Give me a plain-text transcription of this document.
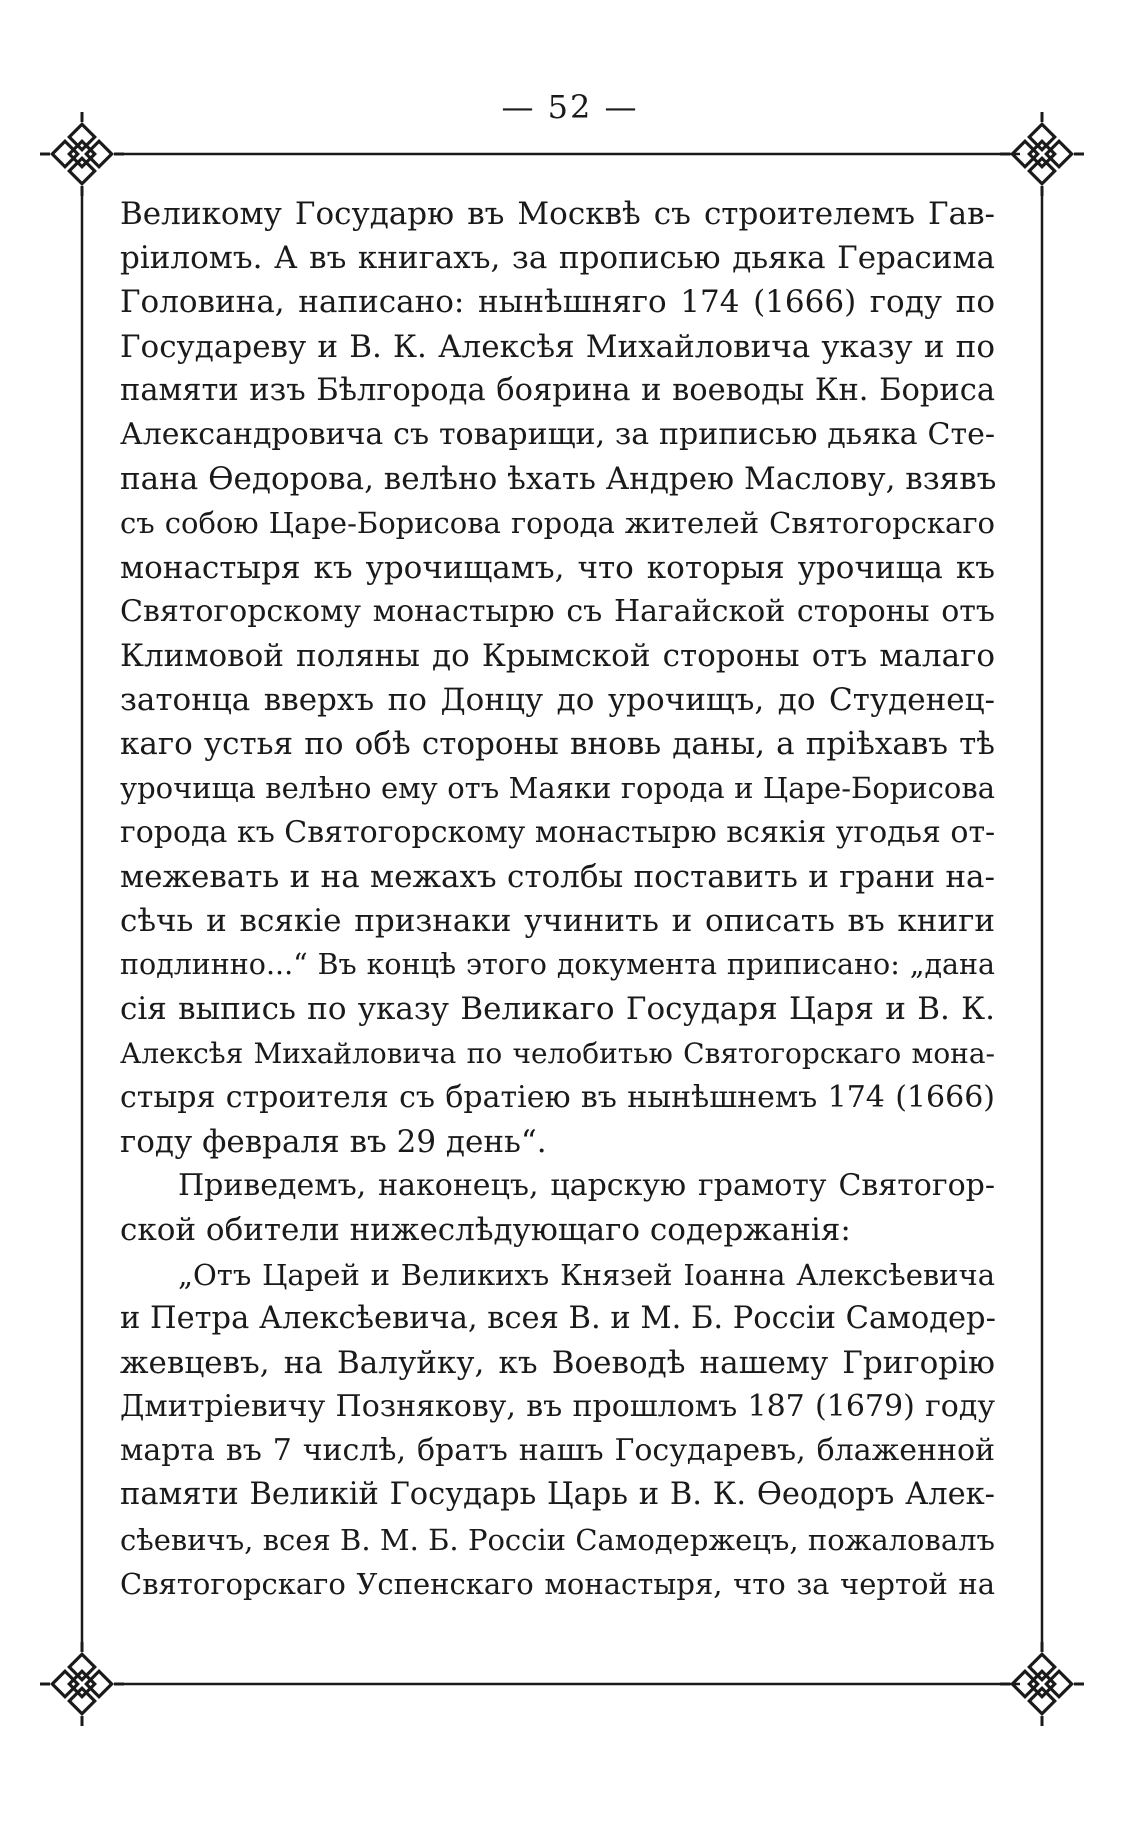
— 52 —
Великому Государю въ Москвѣ съ строителемъ Гав-
ріиломъ. А въ книгахъ, за прописью дьяка Герасима
Головина, написано: нынѣшняго 174 (1666) году по
Государеву и В. К. Алексѣя Михайловича указу и по
памяти изъ Бѣлгорода боярина и воеводы Кн. Бориса
Александровича съ товарищи, за приписью дьяка Сте-
пана Өедорова, велѣно ѣхать Андрею Маслову, взявъ
съ собою Царе-Борисова города жителей Святогорскаго
монастыря къ урочищамъ, что которыя урочища къ
Святогорскому монастырю съ Нагайской стороны отъ
Климовой поляны до Крымской стороны отъ малаго
затонца вверхъ по Донцу до урочищъ, до Студенец-
каго устья по обѣ стороны вновь даны, а пріѣхавъ тѣ
урочища велѣно ему отъ Маяки города и Царе-Борисова
города къ Святогорскому монастырю всякія угодья от-
межевать и на межахъ столбы поставить и грани на-
сѣчь и всякіе признаки учинить и описать въ книги
подлинно...“ Въ концѣ этого документа приписано: „дана
сія выпись по указу Великаго Государя Царя и В. К.
Алексѣя Михайловича по челобитью Святогорскаго мона-
стыря строителя съ братіею въ нынѣшнемъ 174 (1666)
году февраля въ 29 день“.
Приведемъ, наконецъ, царскую грамоту Святогор-
ской обители нижеслѣдующаго содержанія:
„Отъ Царей и Великихъ Князей Іоанна Алексѣевича
и Петра Алексѣевича, всея В. и М. Б. Россіи Самодер-
жевцевъ, на Валуйку, къ Воеводѣ нашему Григорію
Дмитріевичу Познякову, въ прошломъ 187 (1679) году
марта въ 7 числѣ, братъ нашъ Государевъ, блаженной
памяти Великій Государь Царь и В. К. Өеодоръ Алек-
сѣевичъ, всея В. М. Б. Россіи Самодержецъ, пожаловалъ
Святогорскаго Успенскаго монастыря, что за чертой на
